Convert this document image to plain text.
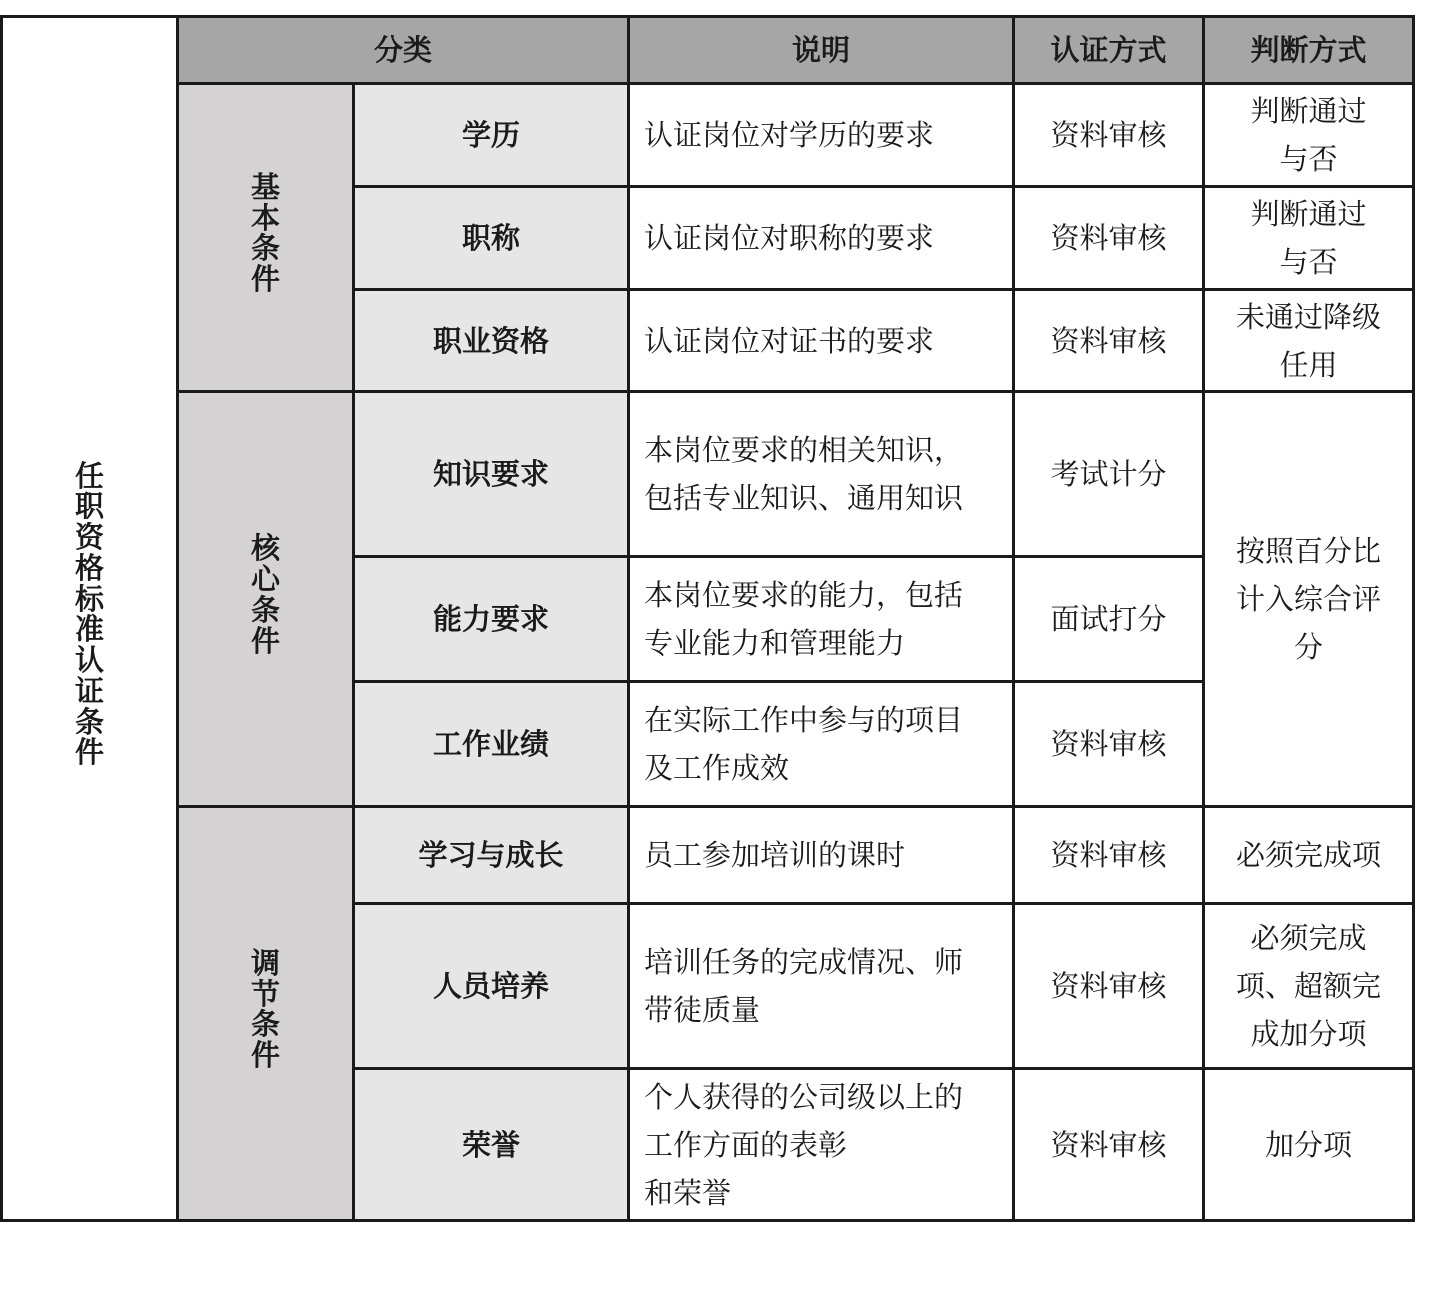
任职资格标准认证条件	分类		说明	认证方式	判断方式
	基本条件	学历	认证岗位对学历的要求	资料审核	判断通过与否

		职称	认证岗位对职称的要求	资料审核	判断通过与否

		职业资格	认证岗位对证书的要求	资料审核	未通过降级任用

	核心条件	知识要求	本岗位要求的相关知识，包括专业知识、通用知识	考试计分	按照百分比计入综合评分

		能力要求	本岗位要求的能力，包括专业能力和管理能力	面试打分	
		工作业绩	在实际工作中参与的项目及工作成效	资料审核	
	调节条件	学习与成长	员工参加培训的课时	资料审核	必须完成项
		人员培养	培训任务的完成情况、师带徒质量	资料审核	必须完成项、超额完成加分项

		荣誉	个人获得的公司级以上的
工作方面的表彰
和荣誉	资料审核	加分项
